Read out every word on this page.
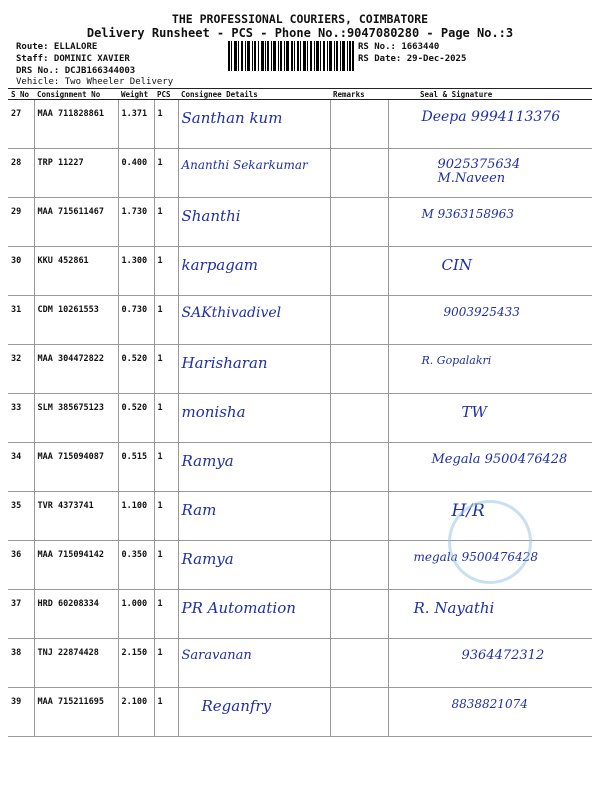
THE PROFESSIONAL COURIERS, COIMBATORE
Delivery Runsheet - PCS - Phone No.:9047080280 - Page No.:3
Route: ELLALORE
Staff: DOMINIC XAVIER
DRS No.: DCJB166344003
Vehicle: Two Wheeler Delivery
RS No.: 1663440
RS Date: 29-Dec-2025
S No	Consignment No	Weight	PCS	Consignee Details	Remarks	Seal & Signature
27	MAA 711828861	1.371	1	Santhan kum		Deepa 9994113376
28	TRP 11227	0.400	1	Ananthi Sekarkumar		9025375634 M.Naveen
29	MAA 715611467	1.730	1	Shanthi		M 9363158963
30	KKU 452861	1.300	1	karpagam		CIN
31	CDM 10261553	0.730	1	SAKthivadivel		9003925433
32	MAA 304472822	0.520	1	Harisharan		R. Gopalakri
33	SLM 385675123	0.520	1	monisha		TW
34	MAA 715094087	0.515	1	Ramya		Megala 9500476428
35	TVR 4373741	1.100	1	Ram		H/R
36	MAA 715094142	0.350	1	Ramya		megala 9500476428
37	HRD 60208334	1.000	1	PR Automation		R. Nayathi
38	TNJ 22874428	2.150	1	Saravanan		9364472312
39	MAA 715211695	2.100	1	Reganfry		8838821074
